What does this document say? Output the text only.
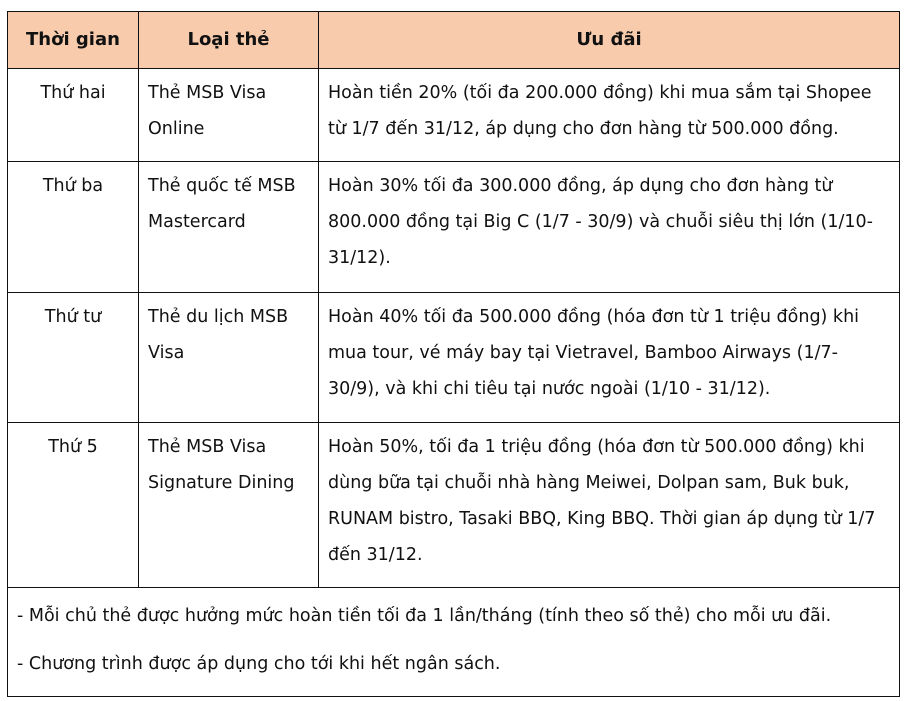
Thời gian	Loại thẻ	Ưu đãi
Thứ hai	Thẻ MSB Visa Online	Hoàn tiền 20% (tối đa 200.000 đồng) khi mua sắm tại Shopee từ 1/7 đến 31/12, áp dụng cho đơn hàng từ 500.000 đồng.
Thứ ba	Thẻ quốc tế MSB Mastercard	Hoàn 30% tối đa 300.000 đồng, áp dụng cho đơn hàng từ 800.000 đồng tại Big C (1/7 - 30/9) và chuỗi siêu thị lớn (1/10-31/12).
Thứ tư	Thẻ du lịch MSB Visa	Hoàn 40% tối đa 500.000 đồng (hóa đơn từ 1 triệu đồng) khi mua tour, vé máy bay tại Vietravel, Bamboo Airways (1/7-30/9), và khi chi tiêu tại nước ngoài (1/10 - 31/12).
Thứ 5	Thẻ MSB Visa Signature Dining	Hoàn 50%, tối đa 1 triệu đồng (hóa đơn từ 500.000 đồng) khi dùng bữa tại chuỗi nhà hàng Meiwei, Dolpan sam, Buk buk, RUNAM bistro, Tasaki BBQ, King BBQ. Thời gian áp dụng từ 1/7 đến 31/12.

- Mỗi chủ thẻ được hưởng mức hoàn tiền tối đa 1 lần/tháng (tính theo số thẻ) cho mỗi ưu đãi.
- Chương trình được áp dụng cho tới khi hết ngân sách.		
